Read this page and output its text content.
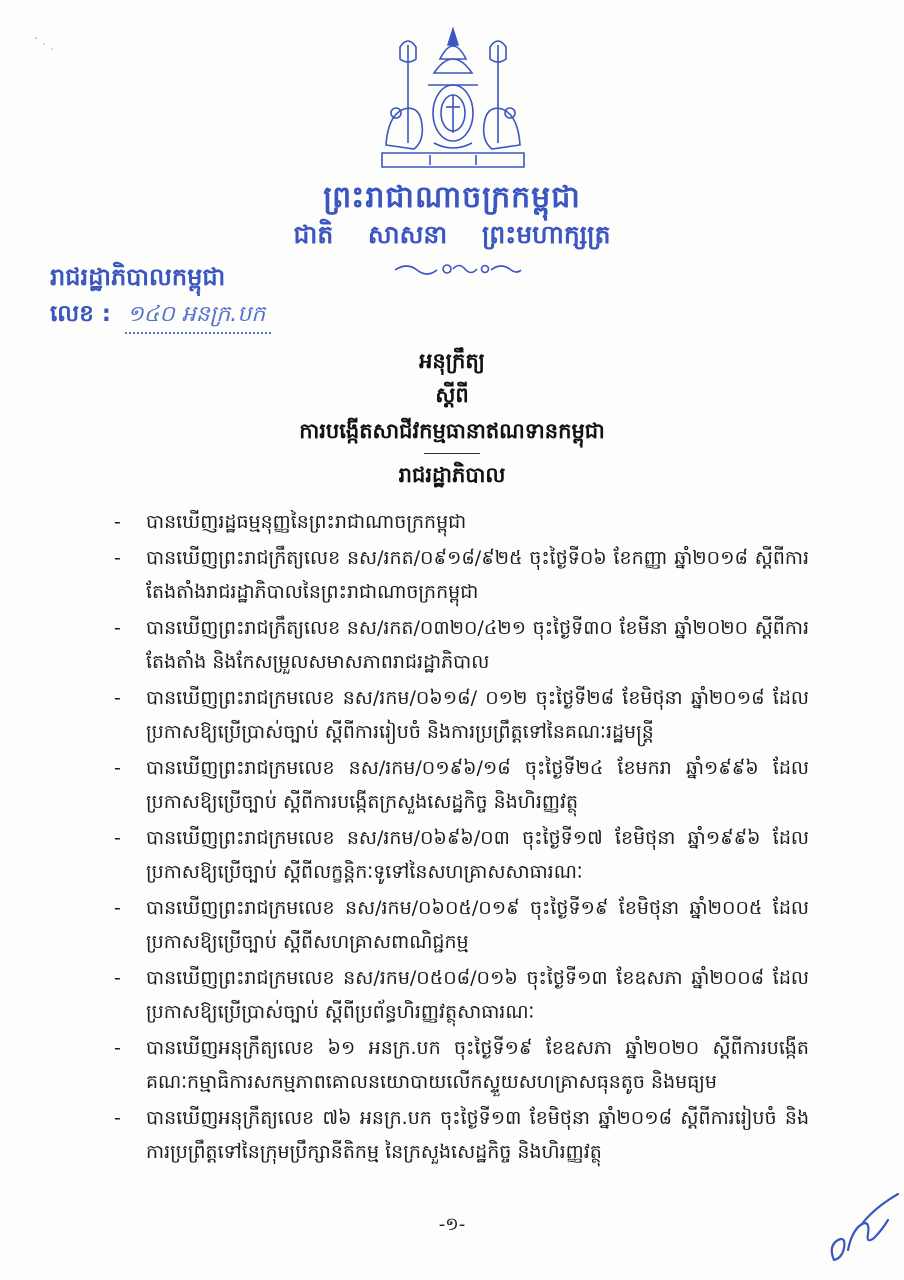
ព្រះរាជាណាចក្រកម្ពុជា
ជាតិ សាសនា ព្រះមហាក្សត្រ
រាជរដ្ឋាភិបាលកម្ពុជា
លេខ : ១៤០ អនក្រ.បក
អនុក្រឹត្យ
ស្តីពី
ការបង្កើតសាជីវកម្មធានាឥណទានកម្ពុជា
រាជរដ្ឋាភិបាល
- បានឃើញរដ្ឋធម្មនុញ្ញនៃព្រះរាជាណាចក្រកម្ពុជា
- បានឃើញព្រះរាជក្រឹត្យលេខ នស/រកត/០៩១៨/៩២៥ ចុះថ្ងៃទី០៦ ខែកញ្ញា ឆ្នាំ២០១៨ ស្តីពីការតែងតាំងរាជរដ្ឋាភិបាលនៃព្រះរាជាណាចក្រកម្ពុជា
- បានឃើញព្រះរាជក្រឹត្យលេខ នស/រកត/០៣២០/៤២១ ចុះថ្ងៃទី៣០ ខែមីនា ឆ្នាំ២០២០ ស្តីពីការតែងតាំង និងកែសម្រួលសមាសភាពរាជរដ្ឋាភិបាល
- បានឃើញព្រះរាជក្រមលេខ នស/រកម/០៦១៨/ ០១២ ចុះថ្ងៃទី២៨ ខែមិថុនា ឆ្នាំ២០១៨ ដែលប្រកាសឱ្យប្រើប្រាស់ច្បាប់ ស្តីពីការរៀបចំ និងការប្រព្រឹត្តទៅនៃគណៈរដ្ឋមន្ត្រី
- បានឃើញព្រះរាជក្រមលេខ នស/រកម/០១៩៦/១៨ ចុះថ្ងៃទី២៤ ខែមករា ឆ្នាំ១៩៩៦ ដែលប្រកាសឱ្យប្រើច្បាប់ ស្តីពីការបង្កើតក្រសួងសេដ្ឋកិច្ច និងហិរញ្ញវត្ថុ
- បានឃើញព្រះរាជក្រមលេខ នស/រកម/០៦៩៦/០៣ ចុះថ្ងៃទី១៧ ខែមិថុនា ឆ្នាំ១៩៩៦ ដែលប្រកាសឱ្យប្រើច្បាប់ ស្តីពីលក្ខន្តិកៈទូទៅនៃសហគ្រាសសាធារណៈ
- បានឃើញព្រះរាជក្រមលេខ នស/រកម/០៦០៥/០១៩ ចុះថ្ងៃទី១៩ ខែមិថុនា ឆ្នាំ២០០៥ ដែលប្រកាសឱ្យប្រើច្បាប់ ស្តីពីសហគ្រាសពាណិជ្ជកម្ម
- បានឃើញព្រះរាជក្រមលេខ នស/រកម/០៥០៨/០១៦ ចុះថ្ងៃទី១៣ ខែឧសភា ឆ្នាំ២០០៨ ដែលប្រកាសឱ្យប្រើប្រាស់ច្បាប់ ស្តីពីប្រព័ន្ធហិរញ្ញវត្ថុសាធារណៈ
- បានឃើញអនុក្រឹត្យលេខ ៦១ អនក្រ.បក ចុះថ្ងៃទី១៩ ខែឧសភា ឆ្នាំ២០២០ ស្តីពីការបង្កើតគណៈកម្មាធិការសកម្មភាពគោលនយោបាយលើកស្ទួយសហគ្រាសធុនតូច និងមធ្យម
- បានឃើញអនុក្រឹត្យលេខ ៧៦ អនក្រ.បក ចុះថ្ងៃទី១៣ ខែមិថុនា ឆ្នាំ២០១៨ ស្តីពីការរៀបចំ និងការប្រព្រឹត្តទៅនៃក្រុមប្រឹក្សានីតិកម្ម នៃក្រសួងសេដ្ឋកិច្ច និងហិរញ្ញវត្ថុ
-១-
